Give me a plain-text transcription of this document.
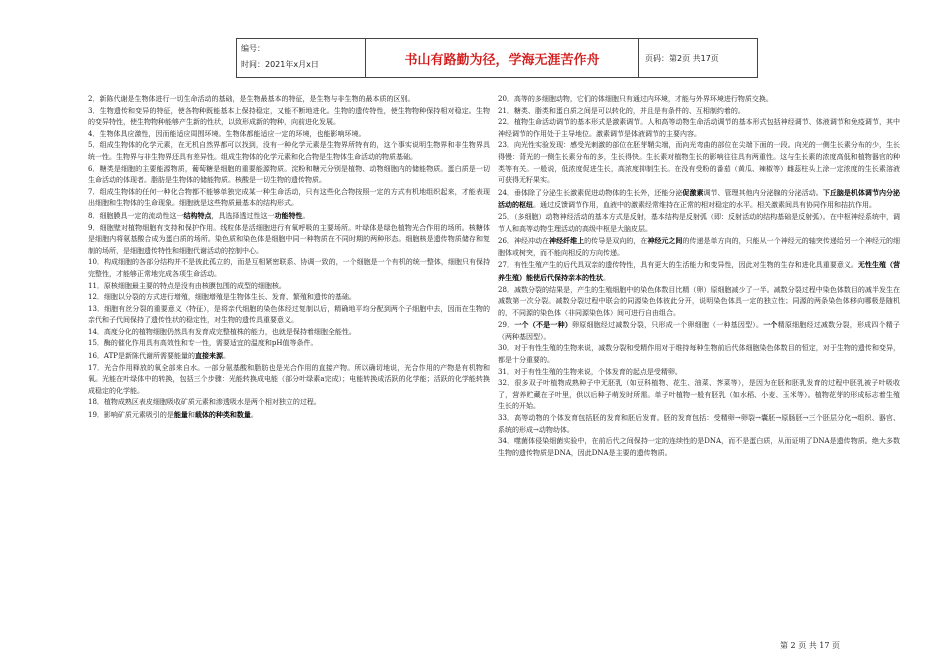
编号：
时间：2021年x月x日	书山有路勤为径，学海无涯苦作舟	页码：第2页 共17页

2．新陈代谢是生物体进行一切生命活动的基础，是生物最基本的特征，是生物与非生物的最本质的区别。

3．生物遗传和变异的特征，使各物种既能基本上保持稳定，又能不断地进化。生物的遗传特性，使生物物种保持相对稳定。生物的变异特性，使生物物种能够产生新的性状，以致形成新的物种，向前进化发展。

4．生物体具应激性，因而能适应周围环境。生物体都能适应一定的环境，也能影响环境。

5．组成生物体的化学元素，在无机自然界都可以找到，没有一种化学元素是生物界所特有的，这个事实说明生物界和非生物界具统一性。生物界与非生物界还具有差异性。组成生物体的化学元素和化合物是生物体生命活动的物质基础。

6．糖类是细胞的主要能源物质，葡萄糖是细胞的重要能源物质。淀粉和糖元分别是植物、动物细胞内的储能物质。蛋白质是一切生命活动的体现者。脂肪是生物体的储能物质。核酸是一切生物的遗传物质。

7．组成生物体的任何一种化合物都不能够单独完成某一种生命活动，只有这些化合物按照一定的方式有机地组织起来，才能表现出细胞和生物体的生命现象。细胞就是这些物质最基本的结构形式。

8．细胞膜具一定的流动性这一结构特点，具选择透过性这一功能特性。

9．细胞壁对植物细胞有支持和保护作用。线粒体是活细胞进行有氧呼吸的主要场所。叶绿体是绿色植物光合作用的场所。核糖体是细胞内将氨基酸合成为蛋白质的场所。染色质和染色体是细胞中同一种物质在不同时期的两种形态。细胞核是遗传物质储存和复制的场所，是细胞遗传特性和细胞代谢活动的控制中心。

10．构成细胞的各部分结构并不是彼此孤立的，而是互相紧密联系、协调一致的，一个细胞是一个有机的统一整体，细胞只有保持完整性，才能够正常地完成各项生命活动。

11．原核细胞最主要的特点是没有由核膜包围的成型的细胞核。

12．细胞以分裂的方式进行增殖，细胞增殖是生物体生长、发育、繁殖和遗传的基础。

13．细胞有丝分裂的重要意义（特征），是将亲代细胞的染色体经过复制以后，精确地平均分配到两个子细胞中去，因而在生物的亲代和子代间保持了遗传性状的稳定性，对生物的遗传具重要意义。

14．高度分化的植物细胞仍然具有发育成完整植株的能力，也就是保持着细胞全能性。

15．酶的催化作用具有高效性和专一性，需要适宜的温度和pH值等条件。

16．ATP是新陈代谢所需要能量的直接来源。

17．光合作用释放的氧全部来自水。一部分氨基酸和脂肪也是光合作用的直接产物。所以确切地说，光合作用的产物是有机物和氧。光能在叶绿体中的转换，包括三个步骤：光能转换成电能（部分叶绿素a完成）；电能转换成活跃的化学能；活跃的化学能转换成稳定的化学能。

18．植物成熟区表皮细胞吸收矿质元素和渗透吸水是两个相对独立的过程。

19．影响矿质元素吸引的是能量和载体的种类和数量。

20．高等的多细胞动物，它们的体细胞只有通过内环境，才能与外界环境进行物质交换。

21．糖类、脂类和蛋白质之间是可以转化的，并且是有条件的、互相制约着的。

22．植物生命活动调节的基本形式是激素调节。人和高等动物生命活动调节的基本形式包括神经调节、体液调节和免疫调节，其中神经调节的作用处于主导地位。激素调节是体液调节的主要内容。

23．向光性实验发现：感受光刺激的部位在胚芽鞘尖端，而向光弯曲的部位在尖端下面的一段。向光的一侧生长素分布的少，生长得慢：背光的一侧生长素分布的多，生长得快。生长素对植物生长的影响往往具有两重性。这与生长素的浓度高低和植物器官的种类等有关。一般说，低浓度促进生长，高浓度抑制生长。在没有受粉的番茄（黄瓜、辣椒等）雌蕊柱头上涂一定浓度的生长素溶液可获得无籽果实。

24．垂体除了分泌生长激素促进动物体的生长外，还能分泌促激素调节、管理其他内分泌腺的分泌活动。下丘脑是机体调节内分泌活动的枢纽。通过反馈调节作用，血液中的激素经常维持在正常的相对稳定的水平。相关激素间具有协同作用和拮抗作用。

25．（多细胞）动物神经活动的基本方式是反射，基本结构是反射弧（即：反射活动的结构基础是反射弧）。在中枢神经系统中，调节人和高等动物生理活动的高级中枢是大脑皮层。

26．神经冲动在神经纤维上的传导是双向的，在神经元之间的传递是单方向的，只能从一个神经元的轴突传递给另一个神经元的细胞体或树突，而不能向相反的方向传递。

27．有性生殖产生的后代具双亲的遗传特性，具有更大的生活能力和变异性，因此对生物的生存和进化具重要意义。无性生殖（营养生殖）能使后代保持亲本的性状。

28．减数分裂的结果是，产生的生殖细胞中的染色体数目比精（卵）原细胞减少了一半。减数分裂过程中染色体数目的减半发生在减数第一次分裂。减数分裂过程中联会的同源染色体彼此分开，说明染色体具一定的独立性；同源的两条染色体移向哪极是随机的，不同源的染色体（非同源染色体）间可进行自由组合。

29．一个（不是一种）卵原细胞经过减数分裂，只形成一个卵细胞（一种基因型）。一个精原细胞经过减数分裂，形成四个精子（两种基因型）。

30．对于有性生殖的生物来说，减数分裂和受精作用对于维持每种生物前后代体细胞染色体数目的恒定，对于生物的遗传和变异，都是十分重要的。

31．对于有性生殖的生物来说，个体发育的起点是受精卵。

32．很多双子叶植物成熟种子中无胚乳（如豆科植物、花生、油菜、荠菜等），是因为在胚和胚乳发育的过程中胚乳被子叶吸收了，营养贮藏在子叶里，供以后种子萌发时所需。单子叶植物一般有胚乳（如水稻、小麦、玉米等）。植物花芽的形成标志着生殖生长的开始。

33．高等动物的个体发育包括胚的发育和胚后发育。胚的发育包括：受精卵→卵裂→囊胚→原肠胚→三个胚层分化→组织、器官、系统的形成→动物幼体。

34．噬菌体侵染细菌实验中，在前后代之间保持一定的连续性的是DNA，而不是蛋白质，从而证明了DNA是遗传物质。绝大多数生物的遗传物质是DNA，因此DNA是主要的遗传物质。

第 2 页 共 17 页
